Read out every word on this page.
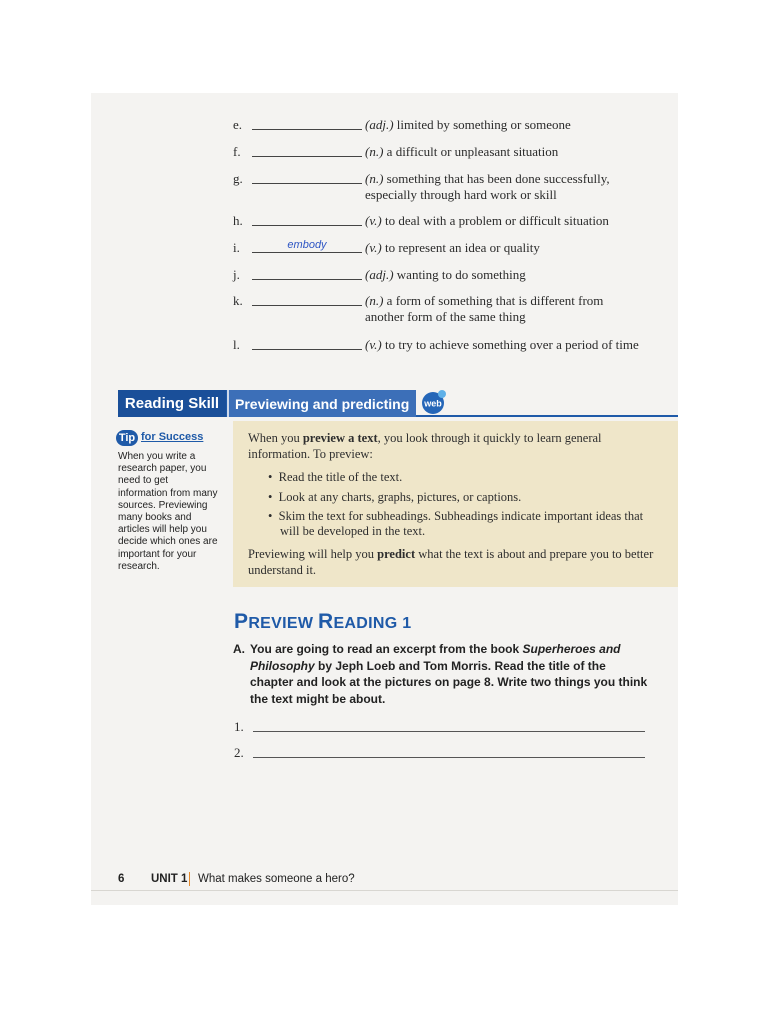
e.	(adj.) limited by something or someone
f.	(n.) a difficult or unpleasant situation
g.	(n.) something that has been done successfully, especially through hard work or skill
h.	(v.) to deal with a problem or difficult situation
i.	embody	(v.) to represent an idea or quality
j.	(adj.) wanting to do something
k.	(n.) a form of something that is different from another form of the same thing
l.	(v.) to try to achieve something over a period of time
Reading Skill	Previewing and predicting	web
Tip for Success
When you write a research paper, you need to get information from many sources. Previewing many books and articles will help you decide which ones are important for your research.
When you preview a text, you look through it quickly to learn general
information. To preview:
•  Read the title of the text.
•  Look at any charts, graphs, pictures, or captions.
•  Skim the text for subheadings. Subheadings indicate important ideas that
will be developed in the text.
Previewing will help you predict what the text is about and prepare you to better
understand it.
PREVIEW READING 1
A. You are going to read an excerpt from the book Superheroes and Philosophy by Jeph Loeb and Tom Morris. Read the title of the chapter and look at the pictures on page 8. Write two things you think the text might be about.
1.
2.
6 UNIT 1 What makes someone a hero?
